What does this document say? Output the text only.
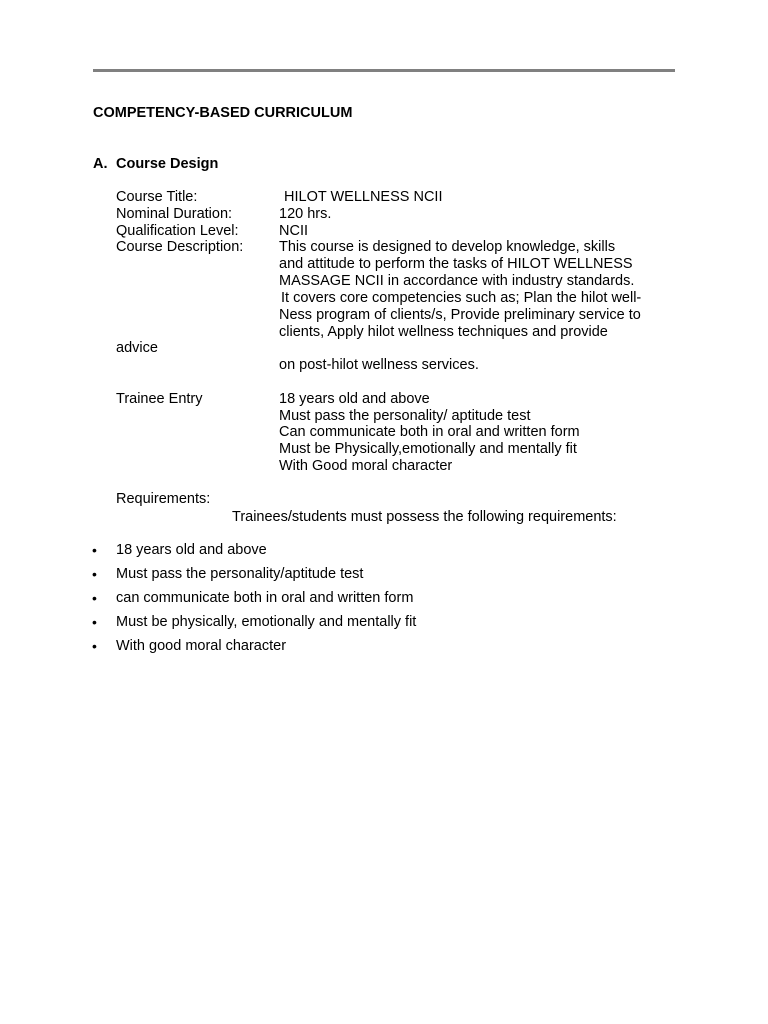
COMPETENCY-BASED CURRICULUM
A. Course Design
Course Title:	HILOT WELLNESS NCII
Nominal Duration:	120 hrs.
Qualification Level:	NCII
Course Description: This course is designed to develop knowledge, skills
and attitude to perform the tasks of HILOT WELLNESS
MASSAGE NCII in accordance with industry standards.
It covers core competencies such as; Plan the hilot well-
Ness program of clients/s, Provide preliminary service to
clients, Apply hilot wellness techniques and provide
advice
on post-hilot wellness services.
Trainee Entry	18 years old and above
Must pass the personality/ aptitude test
Can communicate both in oral and written form
Must be Physically,emotionally and mentally fit
With Good moral character
Requirements:
Trainees/students must possess the following requirements:
• 18 years old and above
• Must pass the personality/aptitude test
• can communicate both in oral and written form
• Must be physically, emotionally and mentally fit
• With good moral character
